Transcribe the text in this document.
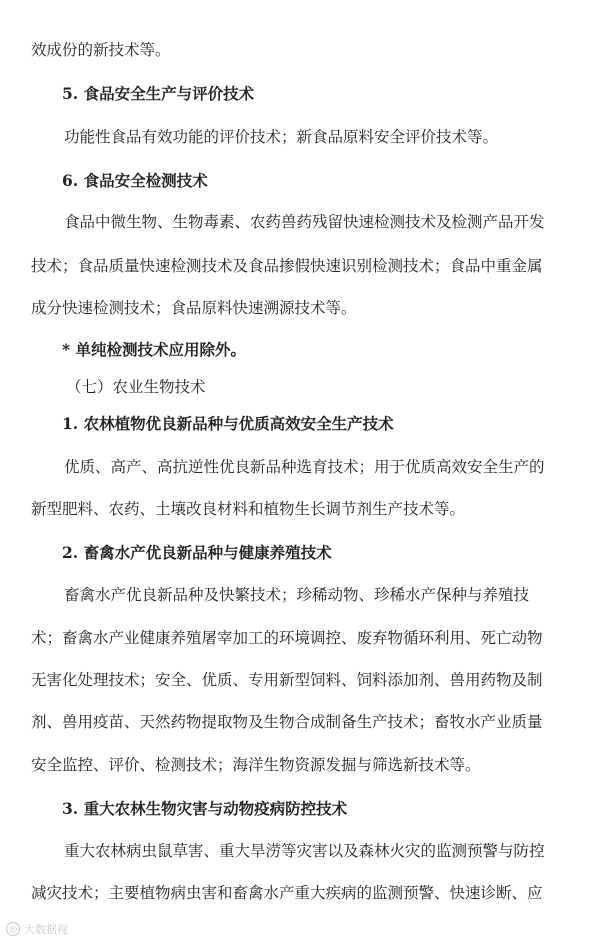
效成份的新技术等。
5. 食品安全生产与评价技术
功能性食品有效功能的评价技术；新食品原料安全评价技术等。
6. 食品安全检测技术
食品中微生物、生物毒素、农药兽药残留快速检测技术及检测产品开发
技术；食品质量快速检测技术及食品掺假快速识别检测技术；食品中重金属
成分快速检测技术；食品原料快速溯源技术等。
* 单纯检测技术应用除外。
（七）农业生物技术
1. 农林植物优良新品种与优质高效安全生产技术
优质、高产、高抗逆性优良新品种选育技术；用于优质高效安全生产的
新型肥料、农药、土壤改良材料和植物生长调节剂生产技术等。
2. 畜禽水产优良新品种与健康养殖技术
畜禽水产优良新品种及快繁技术；珍稀动物、珍稀水产保种与养殖技
术；畜禽水产业健康养殖屠宰加工的环境调控、废弃物循环利用、死亡动物
无害化处理技术；安全、优质、专用新型饲料、饲料添加剂、兽用药物及制
剂、兽用疫苗、天然药物提取物及生物合成制备生产技术；畜牧水产业质量
安全监控、评价、检测技术；海洋生物资源发掘与筛选新技术等。
3. 重大农林生物灾害与动物疫病防控技术
重大农林病虫鼠草害、重大旱涝等灾害以及森林火灾的监测预警与防控
减灾技术；主要植物病虫害和畜禽水产重大疾病的监测预警、快速诊断、应
◎ 大数据视
